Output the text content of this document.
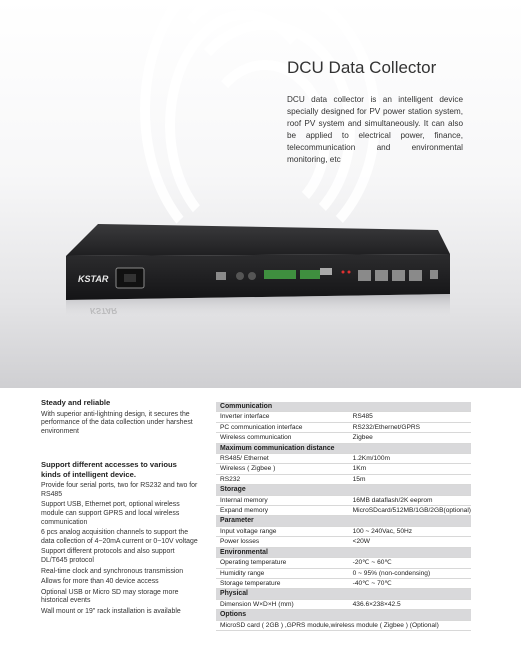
DCU Data Collector
DCU data collector is an intelligent device specially designed for PV power station system, roof PV system and simultaneously. It can also be applied to electrical power, finance, telecommunication and environmental monitoring, etc
KSTAR
KSTAR
Steady and reliable

With superior anti-lightning design, it secures the performance of the data collection under harshest environment

Support different accesses to various kinds of intelligent device.

Provide four serial ports, two for RS232 and two for RS485

Support USB, Ethernet port, optional wireless module can support GPRS and local wireless communication

6 pcs analog acquisition channels to support the data collection of 4~20mA current or 0~10V voltage

Support different protocols and also support DL/T645 protocol

Real-time clock and synchronous transmission

Allows for more than 40 device access

Optional USB or Micro SD may storage more historical events

Wall mount or 19" rack installation is available

Communication	
Inverter interface	RS485
PC communication interface	RS232/Ethernet/GPRS
Wireless communication	Zigbee
Maximum communication distance	
RS485/ Ethernet	1.2Km/100m
Wireless ( Zigbee )	1Km
RS232	15m
Storage	
Internal memory	16MB dataflash/2K eeprom
Expand memory	MicroSDcard/512MB/1GB/2GB(optional)
Parameter	
Input voltage range	100 ~ 240Vac, 50Hz
Power losses	<20W
Environmental	
Operating temperature	-20℃ ~ 60℃
Humidity range	0 ~ 95% (non-condensing)
Storage temperature	-40℃ ~ 70℃
Physical	
Dimension W×D×H (mm)	436.6×238×42.5
Options	
MicroSD card ( 2GB ) ,GPRS module,wireless module ( Zigbee ) (Optional)	
